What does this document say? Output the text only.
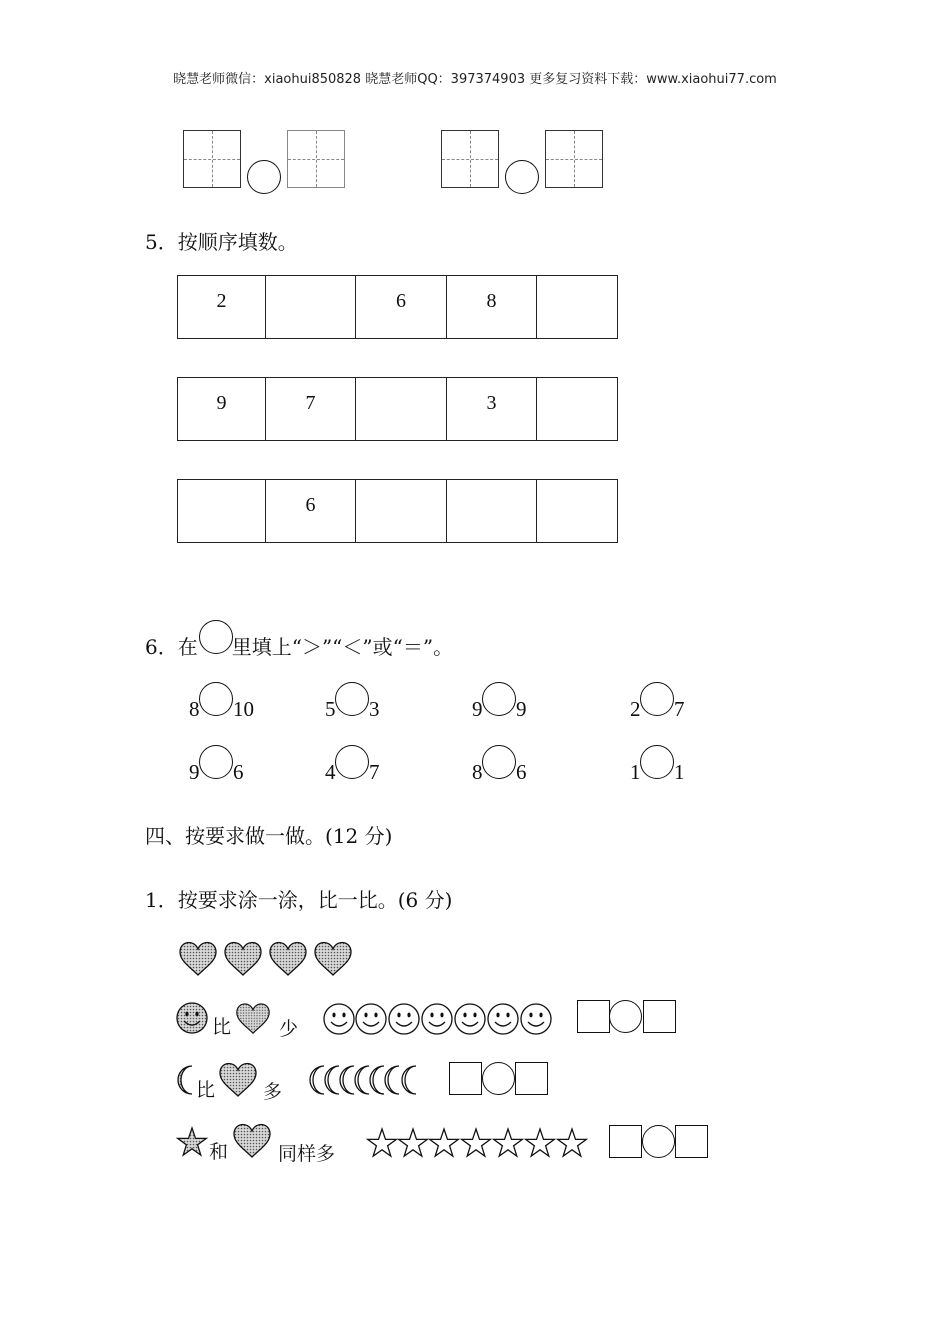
晓慧老师微信：xiaohui850828 晓慧老师QQ：397374903 更多复习资料下载：www.xiaohui77.com
5．按顺序填数。
2		6	8	
9	7		3	
	6			
6．在 里填上“＞”“＜”或“＝”。
8 10	5 3	9 9	2 7
9 6	4 7	8 6	1 1
四、按要求做一做。(12 分)
1．按要求涂一涂，比一比。(6 分)
比	少
比	多
和	同样多
